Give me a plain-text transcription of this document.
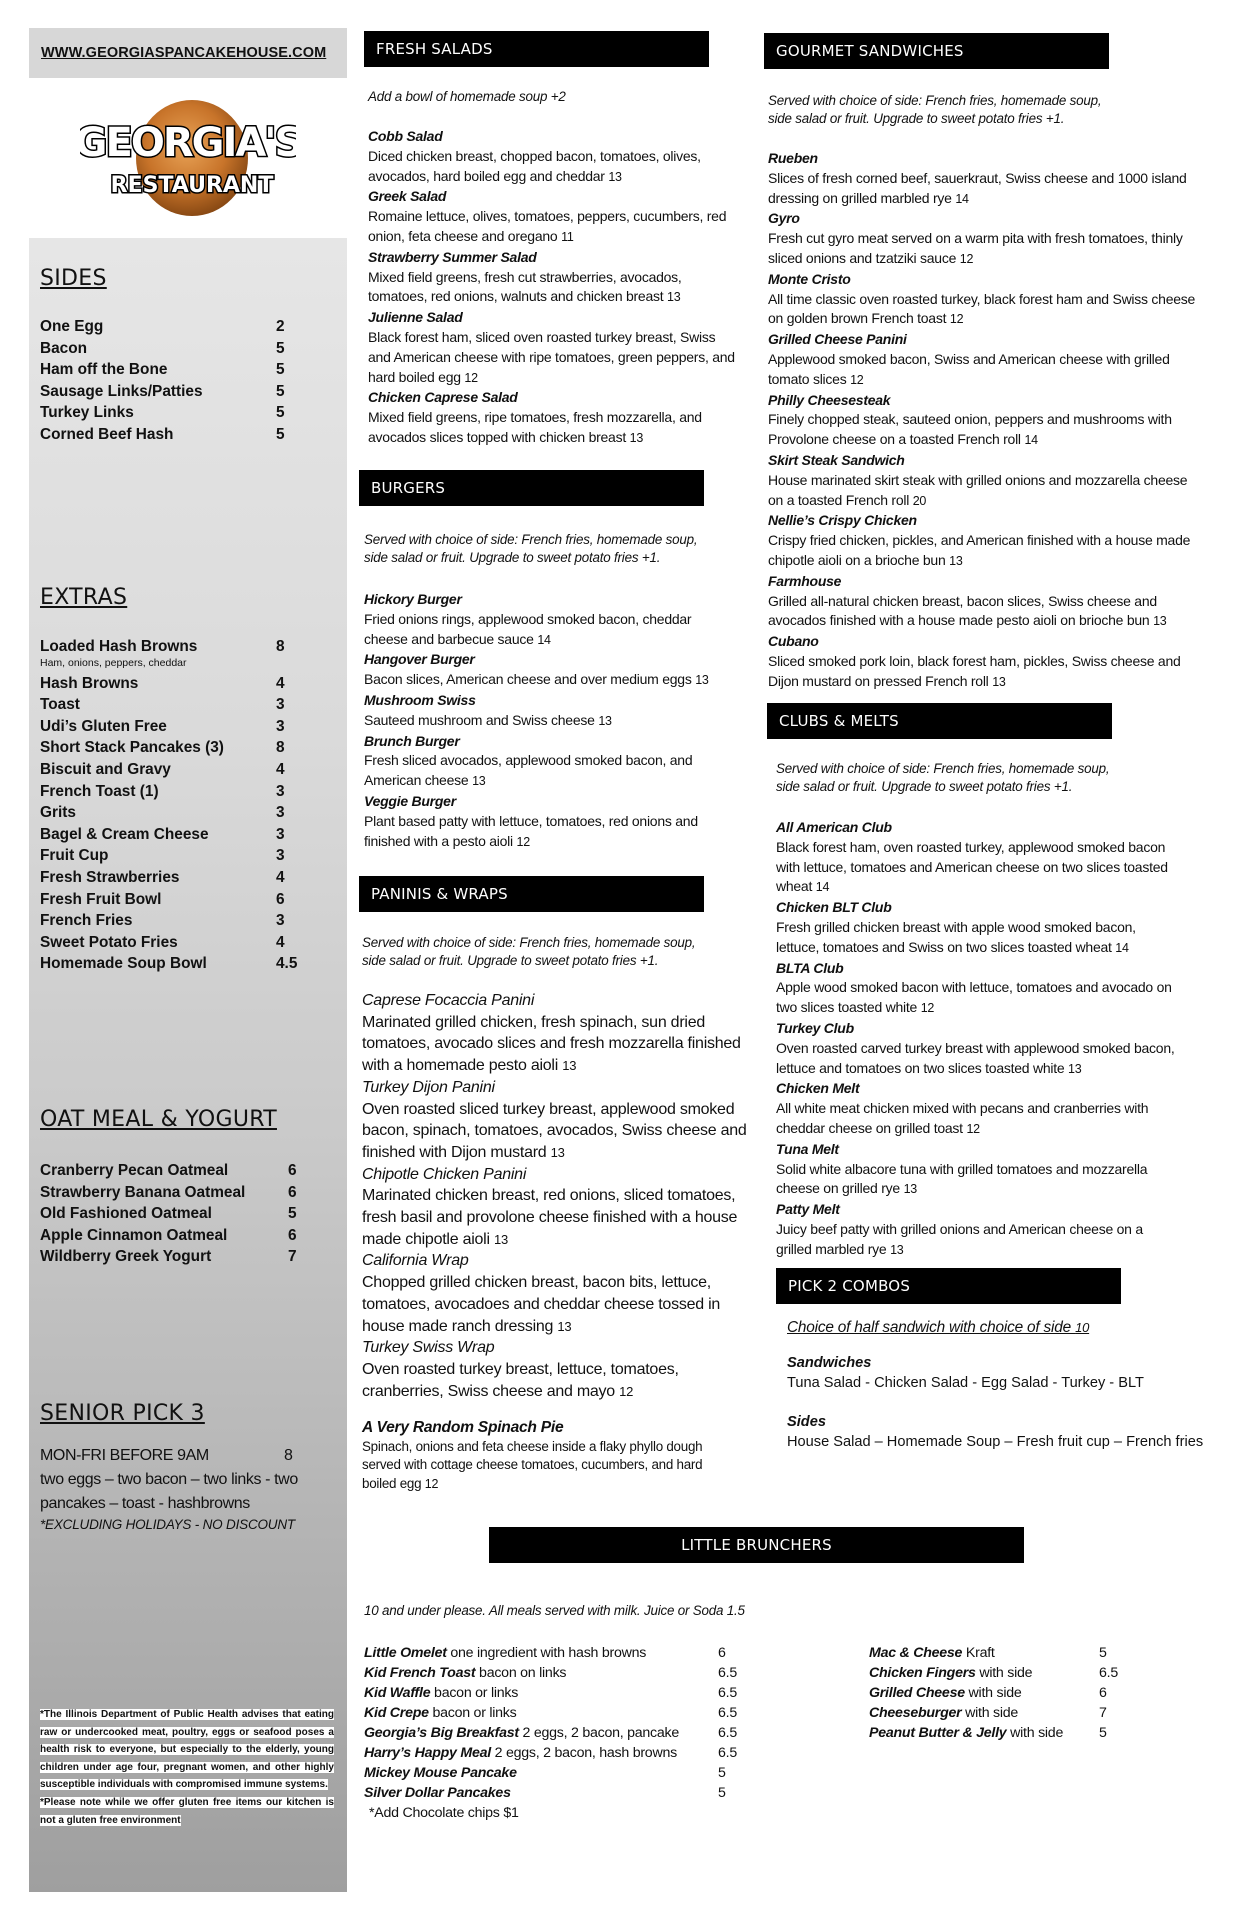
WWW.GEORGIASPANCAKEHOUSE.COM
GEORGIA'S
RESTAURANT
SIDES
One Egg	2
Bacon	5
Ham off the Bone	5
Sausage Links/Patties	5
Turkey Links	5
Corned Beef Hash	5
EXTRAS
Loaded Hash Browns	8
Ham, onions, peppers, cheddar
Hash Browns	4
Toast	3
Udi’s Gluten Free	3
Short Stack Pancakes (3)	8
Biscuit and Gravy	4
French Toast (1)	3
Grits	3
Bagel & Cream Cheese	3
Fruit Cup	3
Fresh Strawberries	4
Fresh Fruit Bowl	6
French Fries	3
Sweet Potato Fries	4
Homemade Soup Bowl	4.5
OAT MEAL & YOGURT
Cranberry Pecan Oatmeal	6
Strawberry Banana Oatmeal	6
Old Fashioned Oatmeal	5
Apple Cinnamon Oatmeal	6
Wildberry Greek Yogurt	7
SENIOR PICK 3
MON-FRI BEFORE 9AM	8
two eggs – two bacon – two links - two
pancakes – toast - hashbrowns
*EXCLUDING HOLIDAYS - NO DISCOUNT
*The Illinois Department of Public Health advises that eating raw or undercooked meat, poultry, eggs or seafood poses a health risk to everyone, but especially to the elderly, young children under age four, pregnant women, and other highly susceptible individuals with compromised immune systems.
*Please note while we offer gluten free items our kitchen is not a gluten free environment
FRESH SALADS
Add a bowl of homemade soup +2
Cobb Salad
Diced chicken breast, chopped bacon, tomatoes, olives, avocados, hard boiled egg and cheddar 13
Greek Salad
Romaine lettuce, olives, tomatoes, peppers, cucumbers, red onion, feta cheese and oregano 11
Strawberry Summer Salad
Mixed field greens, fresh cut strawberries, avocados, tomatoes, red onions, walnuts and chicken breast 13
Julienne Salad
Black forest ham, sliced oven roasted turkey breast, Swiss and American cheese with ripe tomatoes, green peppers, and hard boiled egg 12
Chicken Caprese Salad
Mixed field greens, ripe tomatoes, fresh mozzarella, and avocados slices topped with chicken breast 13
BURGERS
Served with choice of side: French fries, homemade soup, side salad or fruit. Upgrade to sweet potato fries +1.
Hickory Burger
Fried onions rings, applewood smoked bacon, cheddar cheese and barbecue sauce 14
Hangover Burger
Bacon slices, American cheese and over medium eggs 13
Mushroom Swiss
Sauteed mushroom and Swiss cheese 13
Brunch Burger
Fresh sliced avocados, applewood smoked bacon, and American cheese 13
Veggie Burger
Plant based patty with lettuce, tomatoes, red onions and finished with a pesto aioli 12
PANINIS & WRAPS
Served with choice of side: French fries, homemade soup, side salad or fruit. Upgrade to sweet potato fries +1.
Caprese Focaccia Panini
Marinated grilled chicken, fresh spinach, sun dried tomatoes, avocado slices and fresh mozzarella finished with a homemade pesto aioli 13
Turkey Dijon Panini
Oven roasted sliced turkey breast, applewood smoked bacon, spinach, tomatoes, avocados, Swiss cheese and finished with Dijon mustard 13
Chipotle Chicken Panini
Marinated chicken breast, red onions, sliced tomatoes, fresh basil and provolone cheese finished with a house made chipotle aioli 13
California Wrap
Chopped grilled chicken breast, bacon bits, lettuce, tomatoes, avocadoes and cheddar cheese tossed in house made ranch dressing 13
Turkey Swiss Wrap
Oven roasted turkey breast, lettuce, tomatoes, cranberries, Swiss cheese and mayo 12
A Very Random Spinach Pie
Spinach, onions and feta cheese inside a flaky phyllo dough served with cottage cheese tomatoes, cucumbers, and hard boiled egg 12
GOURMET SANDWICHES
Served with choice of side: French fries, homemade soup, side salad or fruit. Upgrade to sweet potato fries +1.
Rueben
Slices of fresh corned beef, sauerkraut, Swiss cheese and 1000 island dressing on grilled marbled rye 14
Gyro
Fresh cut gyro meat served on a warm pita with fresh tomatoes, thinly sliced onions and tzatziki sauce 12
Monte Cristo
All time classic oven roasted turkey, black forest ham and Swiss cheese on golden brown French toast 12
Grilled Cheese Panini
Applewood smoked bacon, Swiss and American cheese with grilled tomato slices 12
Philly Cheesesteak
Finely chopped steak, sauteed onion, peppers and mushrooms with Provolone cheese on a toasted French roll 14
Skirt Steak Sandwich
House marinated skirt steak with grilled onions and mozzarella cheese on a toasted French roll 20
Nellie’s Crispy Chicken
Crispy fried chicken, pickles, and American finished with a house made chipotle aioli on a brioche bun 13
Farmhouse
Grilled all-natural chicken breast, bacon slices, Swiss cheese and avocados finished with a house made pesto aioli on brioche bun 13
Cubano
Sliced smoked pork loin, black forest ham, pickles, Swiss cheese and Dijon mustard on pressed French roll 13
CLUBS & MELTS
Served with choice of side: French fries, homemade soup, side salad or fruit. Upgrade to sweet potato fries +1.
All American Club
Black forest ham, oven roasted turkey, applewood smoked bacon with lettuce, tomatoes and American cheese on two slices toasted wheat 14
Chicken BLT Club
Fresh grilled chicken breast with apple wood smoked bacon, lettuce, tomatoes and Swiss on two slices toasted wheat 14
BLTA Club
Apple wood smoked bacon with lettuce, tomatoes and avocado on two slices toasted white 12
Turkey Club
Oven roasted carved turkey breast with applewood smoked bacon, lettuce and tomatoes on two slices toasted white 13
Chicken Melt
All white meat chicken mixed with pecans and cranberries with cheddar cheese on grilled toast 12
Tuna Melt
Solid white albacore tuna with grilled tomatoes and mozzarella cheese on grilled rye 13
Patty Melt
Juicy beef patty with grilled onions and American cheese on a grilled marbled rye 13
PICK 2 COMBOS
Choice of half sandwich with choice of side 10
Sandwiches
Tuna Salad - Chicken Salad - Egg Salad - Turkey - BLT
Sides
House Salad – Homemade Soup – Fresh fruit cup – French fries
LITTLE BRUNCHERS
10 and under please. All meals served with milk. Juice or Soda 1.5
Little Omelet one ingredient with hash browns	6
Kid French Toast bacon on links	6.5
Kid Waffle bacon or links	6.5
Kid Crepe bacon or links	6.5
Georgia’s Big Breakfast 2 eggs, 2 bacon, pancake	6.5
Harry’s Happy Meal 2 eggs, 2 bacon, hash browns	6.5
Mickey Mouse Pancake	5
Silver Dollar Pancakes	5
*Add Chocolate chips $1
Mac & Cheese Kraft	5
Chicken Fingers with side	6.5
Grilled Cheese with side	6
Cheeseburger with side	7
Peanut Butter & Jelly with side	5
